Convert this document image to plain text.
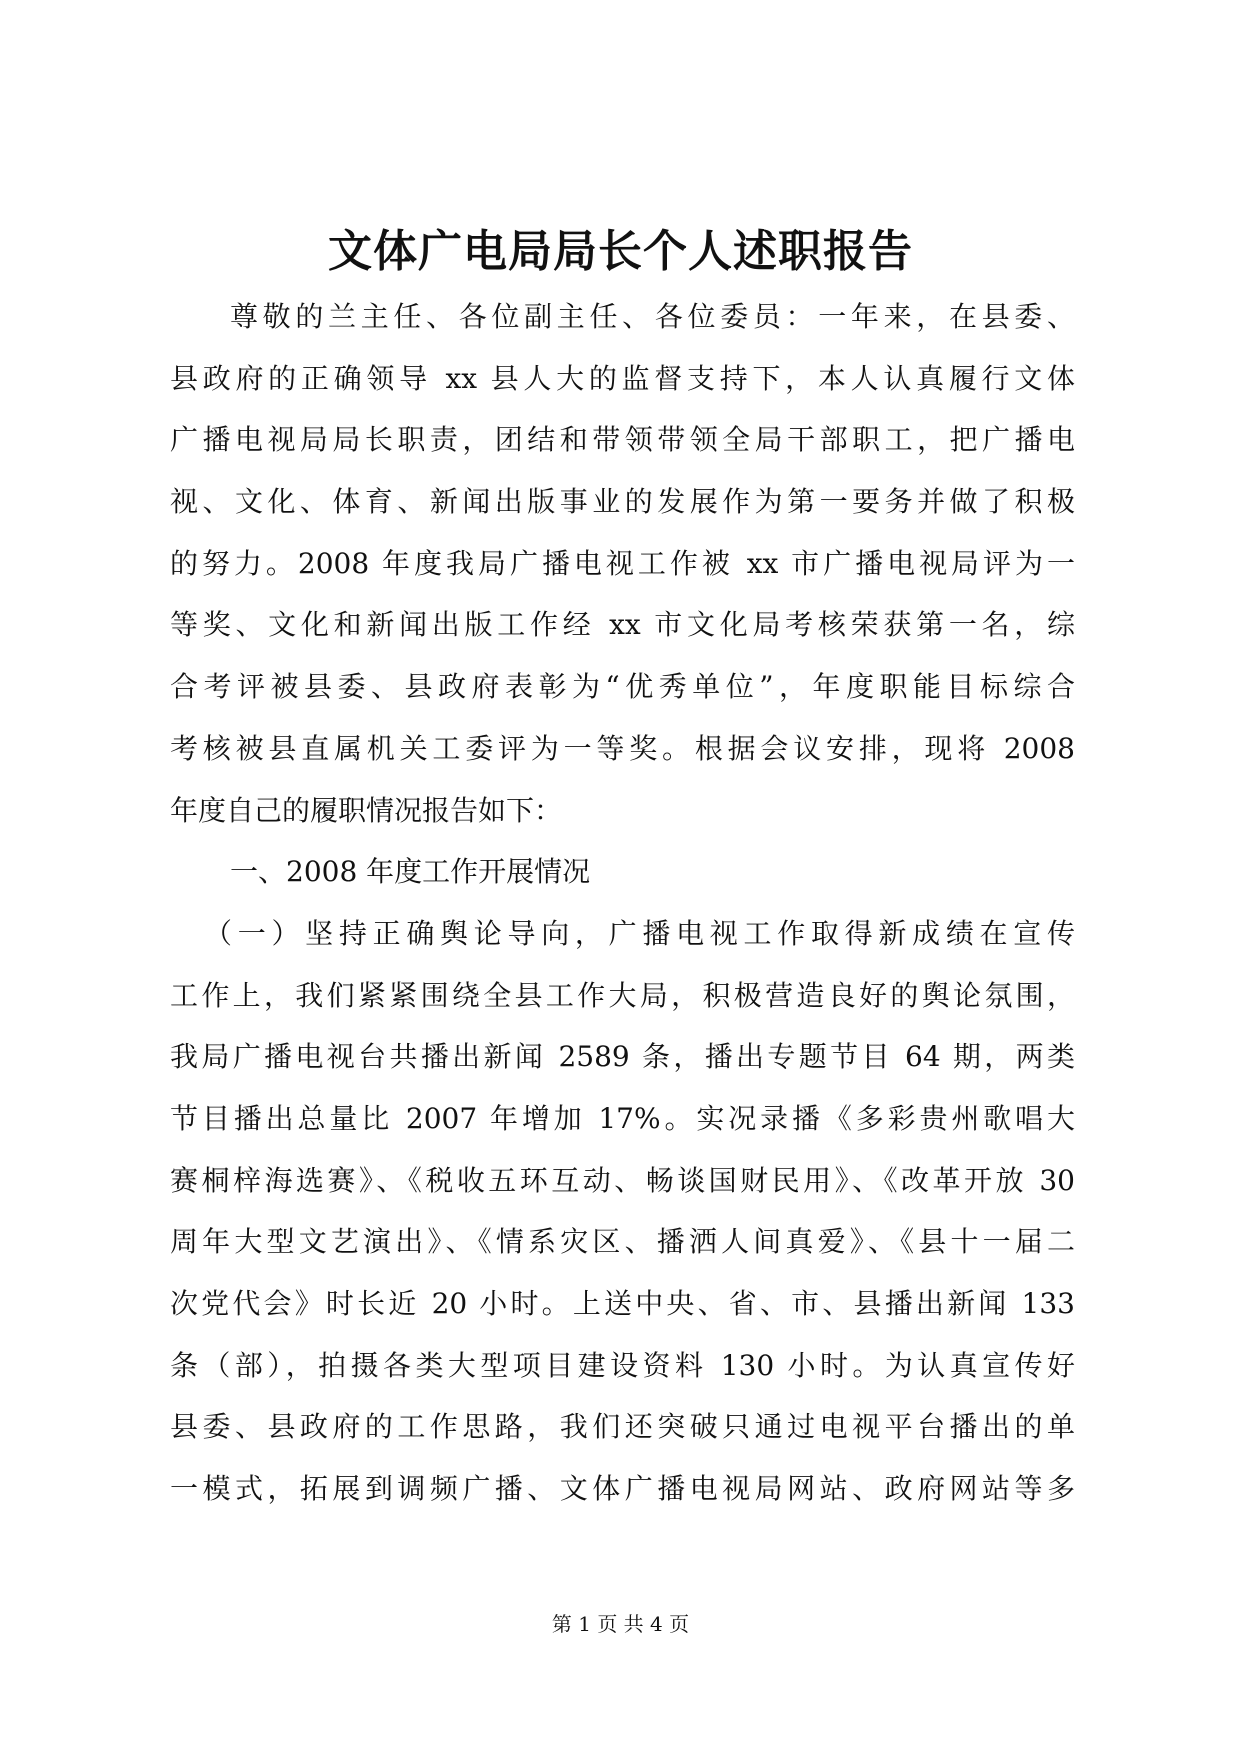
文体广电局局长个人述职报告
尊敬的兰主任、各位副主任、各位委员：一年来，在县委、
县政府的正确领导 xx 县人大的监督支持下，本人认真履行文体
广播电视局局长职责，团结和带领带领全局干部职工，把广播电
视、文化、体育、新闻出版事业的发展作为第一要务并做了积极
的努力。2008 年度我局广播电视工作被 xx 市广播电视局评为一
等奖、文化和新闻出版工作经 xx 市文化局考核荣获第一名，综
合考评被县委、县政府表彰为“优秀单位”，年度职能目标综合
考核被县直属机关工委评为一等奖。根据会议安排，现将 2008
年度自己的履职情况报告如下：
一、2008 年度工作开展情况
（一）坚持正确舆论导向，广播电视工作取得新成绩在宣传
工作上，我们紧紧围绕全县工作大局，积极营造良好的舆论氛围，
我局广播电视台共播出新闻 2589 条，播出专题节目 64 期，两类
节目播出总量比 2007 年增加 17%。实况录播《多彩贵州歌唱大
赛桐梓海选赛》、《税收五环互动、畅谈国财民用》、《改革开放 30
周年大型文艺演出》、《情系灾区、播洒人间真爱》、《县十一届二
次党代会》时长近 20 小时。上送中央、省、市、县播出新闻 133
条（部），拍摄各类大型项目建设资料 130 小时。为认真宣传好
县委、县政府的工作思路，我们还突破只通过电视平台播出的单
一模式，拓展到调频广播、文体广播电视局网站、政府网站等多
第 1 页 共 4 页
